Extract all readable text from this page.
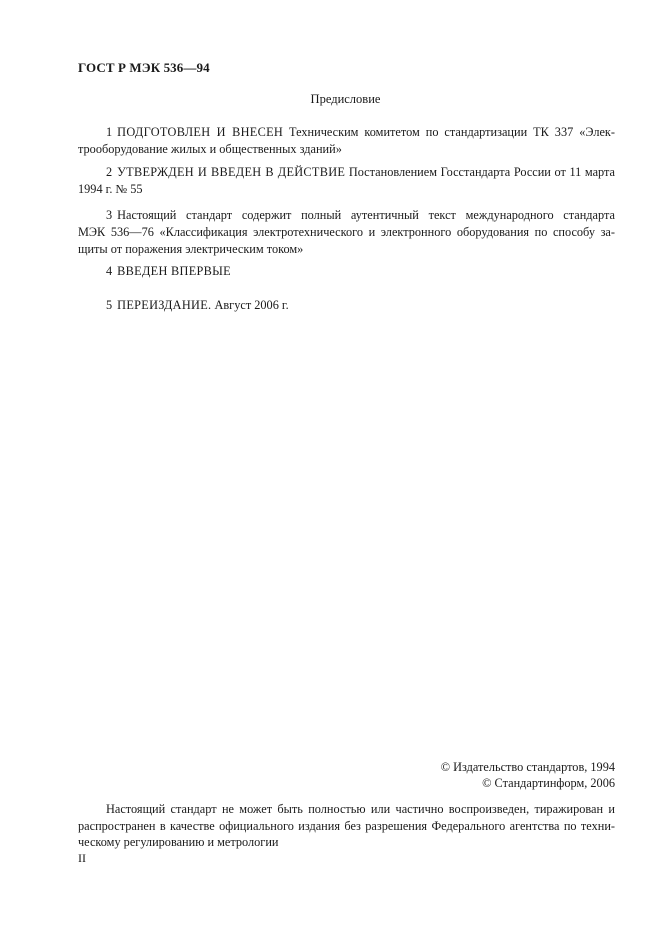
ГОСТ Р МЭК 536—94
Предисловие
1 ПОДГОТОВЛЕН И ВНЕСЕН Техническим комитетом по стандартизации ТК 337 «Элек-
трооборудование жилых и общественных зданий»
2 УТВЕРЖДЕН И ВВЕДЕН В ДЕЙСТВИЕ Постановлением Госстандарта России от 11 марта
1994 г. № 55
3 Настоящий стандарт содержит полный аутентичный текст международного стандарта
МЭК 536—76 «Классификация электротехнического и электронного оборудования по способу за-
щиты от поражения электрическим током»
4 ВВЕДЕН ВПЕРВЫЕ
5 ПЕРЕИЗДАНИЕ. Август 2006 г.
© Издательство стандартов, 1994
© Стандартинформ, 2006
Настоящий стандарт не может быть полностью или частично воспроизведен, тиражирован и
распространен в качестве официального издания без разрешения Федерального агентства по техни-
ческому регулированию и метрологии
II
